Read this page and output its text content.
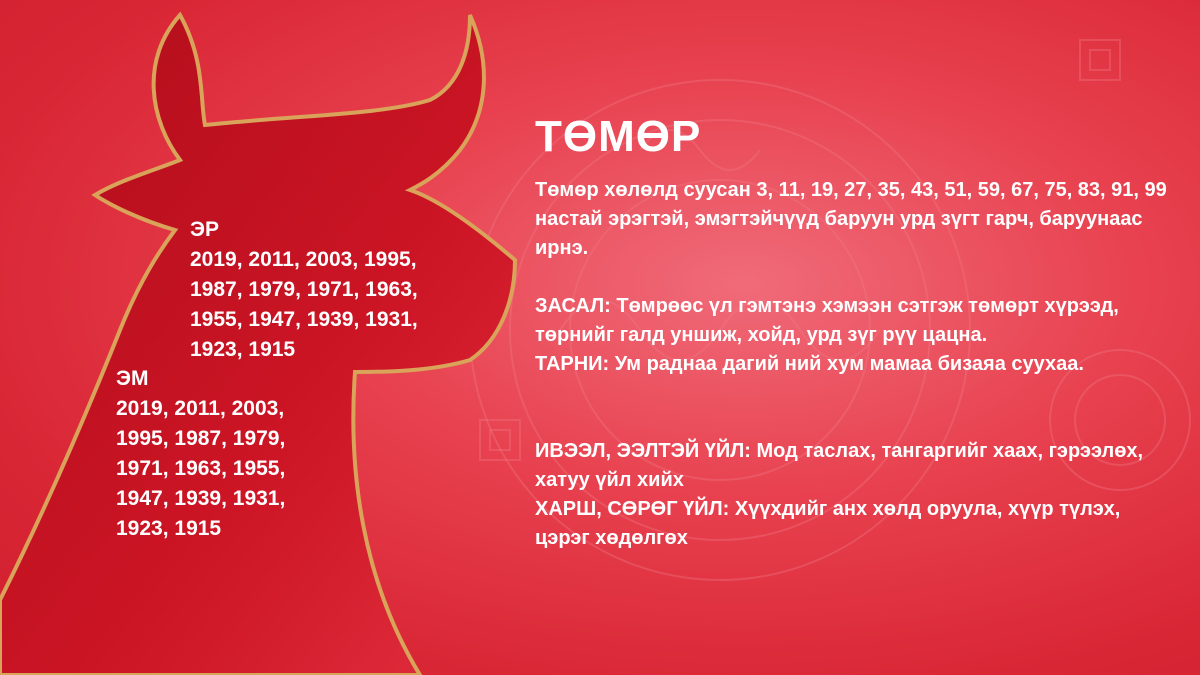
ЭР
2019, 2011, 2003, 1995,
1987, 1979, 1971, 1963,
1955, 1947, 1939, 1931,
1923, 1915
ЭМ
2019, 2011, 2003,
1995, 1987, 1979,
1971, 1963, 1955,
1947, 1939, 1931,
1923, 1915
ТӨМӨР

Төмөр хөлөлд суусан 3, 11, 19, 27, 35, 43, 51, 59, 67, 75, 83, 91, 99 настай эрэгтэй, эмэгтэйчүүд баруун урд зүгт гарч, баруунаас ирнэ.

ЗАСАЛ: Төмрөөс үл гэмтэнэ хэмээн сэтгэж төмөрт хүрээд, төрнийг галд уншиж, хойд, урд зүг рүү цацна.

ТАРНИ: Ум раднаа дагий ний хум мамаа бизаяа суухаа.

ИВЭЭЛ, ЭЭЛТЭЙ ҮЙЛ: Мод таслах, тангаргийг хаах, гэрээлөх, хатуу үйл хийх

ХАРШ, СӨРӨГ ҮЙЛ: Хүүхдийг анх хөлд оруула, хүүр түлэх, цэрэг хөдөлгөх
